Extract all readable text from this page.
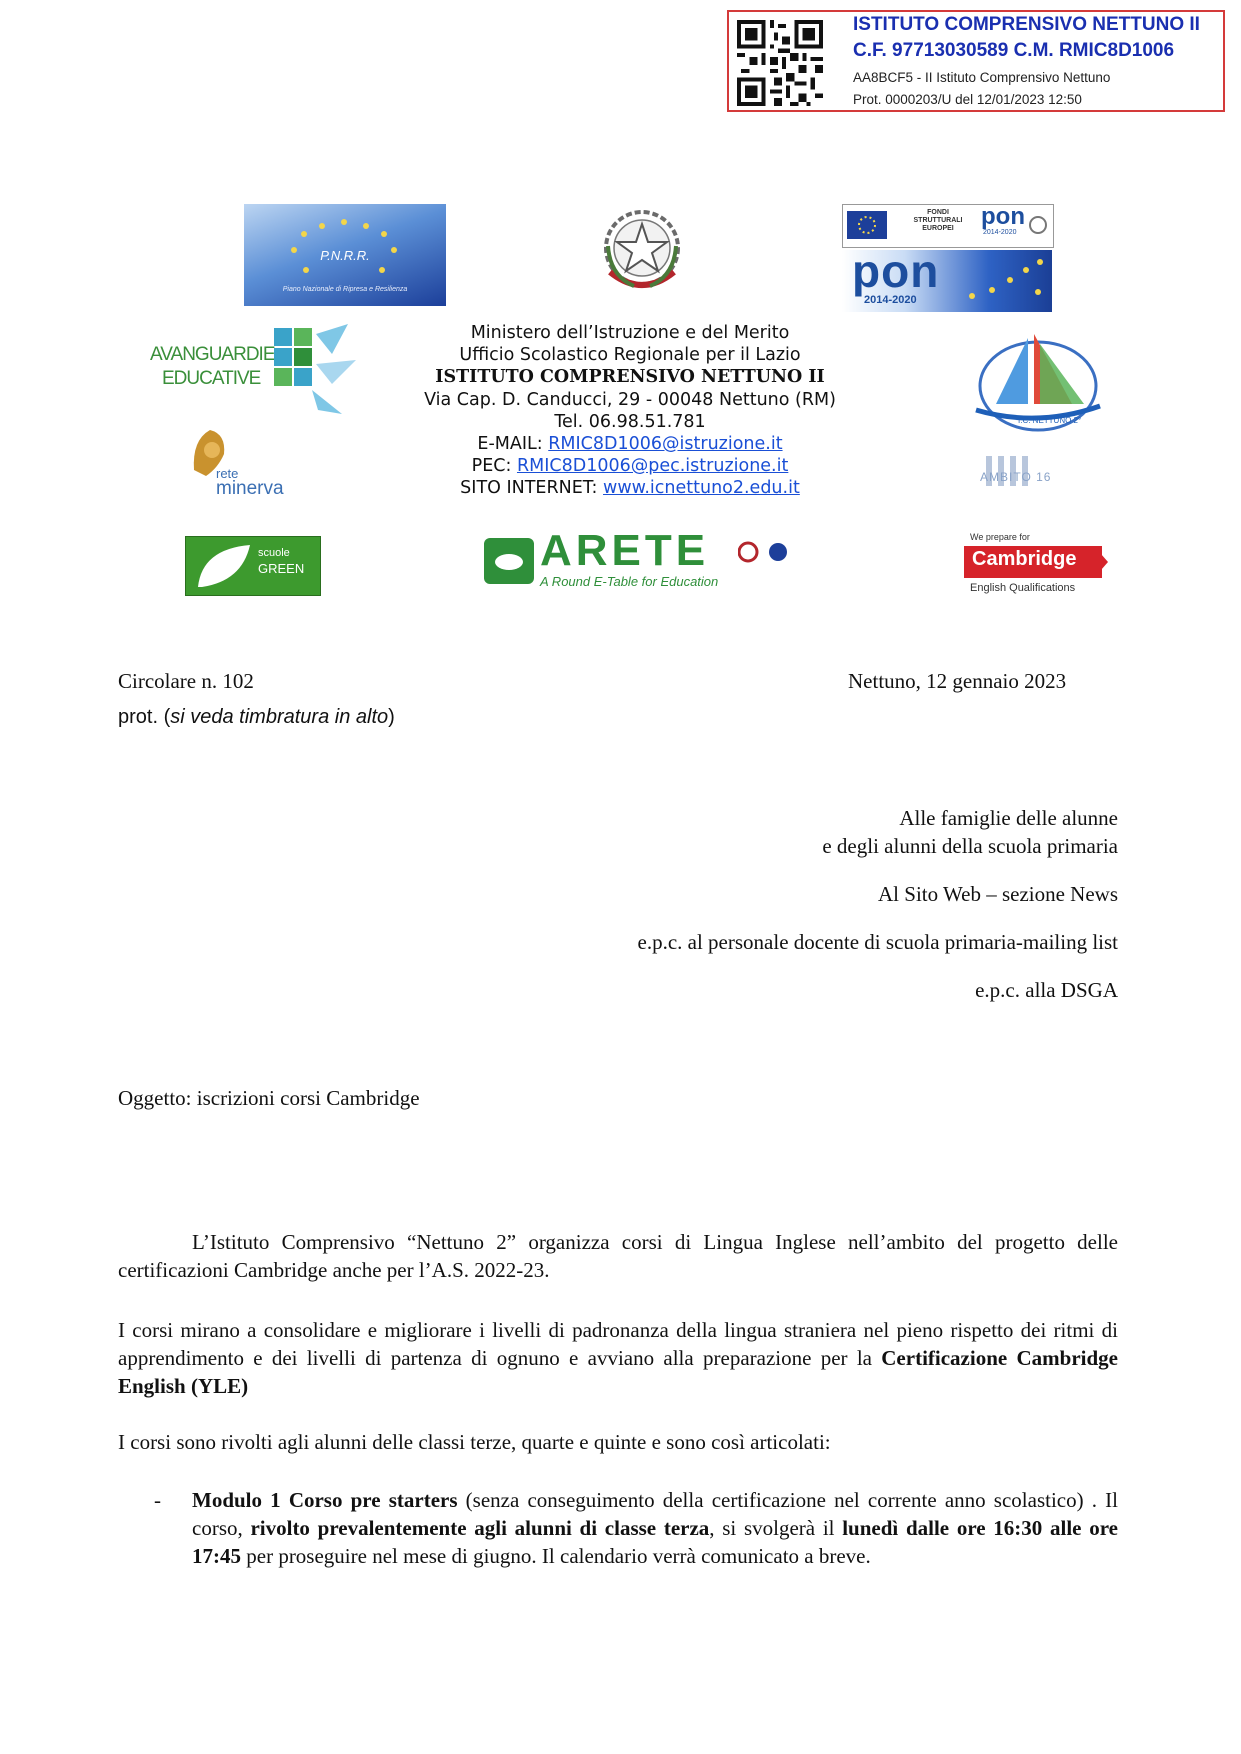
ISTITUTO COMPRENSIVO NETTUNO II
C.F. 97713030589 C.M. RMIC8D1006
AA8BCF5 - II Istituto Comprensivo Nettuno
Prot. 0000203/U del 12/01/2023 12:50
P.N.R.R.
Piano Nazionale di Ripresa e Resilienza
FONDI STRUTTURALI EUROPEI	pon
2014-2020
pon
2014-2020
AVANGUARDIE
EDUCATIVE
rete
minerva
I.C. NETTUNO 2°
AMBITO 16
scuole
GREEN	ARETE
A Round E-Table for Education
We prepare for
Cambridge
English Qualifications
Ministero dell’Istruzione e del Merito
Ufficio Scolastico Regionale per il Lazio
ISTITUTO COMPRENSIVO NETTUNO II
Via Cap. D. Canducci, 29 - 00048 Nettuno (RM)
Tel. 06.98.51.781
E-MAIL: RMIC8D1006@istruzione.it
PEC: RMIC8D1006@pec.istruzione.it
SITO INTERNET: www.icnettuno2.edu.it
Circolare n. 102	Nettuno, 12 gennaio 2023
prot. (si veda timbratura in alto)
Alle famiglie delle alunne
e degli alunni della scuola primaria
Al Sito Web – sezione News
e.p.c. al personale docente di scuola primaria-mailing list
e.p.c. alla DSGA
Oggetto: iscrizioni corsi Cambridge
L’Istituto Comprensivo “Nettuno 2” organizza corsi di Lingua Inglese nell’ambito del progetto delle certificazioni Cambridge anche per l’A.S. 2022-23.
I corsi mirano a consolidare e migliorare i livelli di padronanza della lingua straniera nel pieno rispetto dei ritmi di apprendimento e dei livelli di partenza di ognuno e avviano alla preparazione per la Certificazione Cambridge English (YLE)
I corsi sono rivolti agli alunni delle classi terze, quarte e quinte e sono così articolati:
- Modulo 1 Corso pre starters (senza conseguimento della certificazione nel corrente anno scolastico) . Il corso, rivolto prevalentemente agli alunni di classe terza, si svolgerà il lunedì dalle ore 16:30 alle ore 17:45 per proseguire nel mese di giugno. Il calendario verrà comunicato a breve.
